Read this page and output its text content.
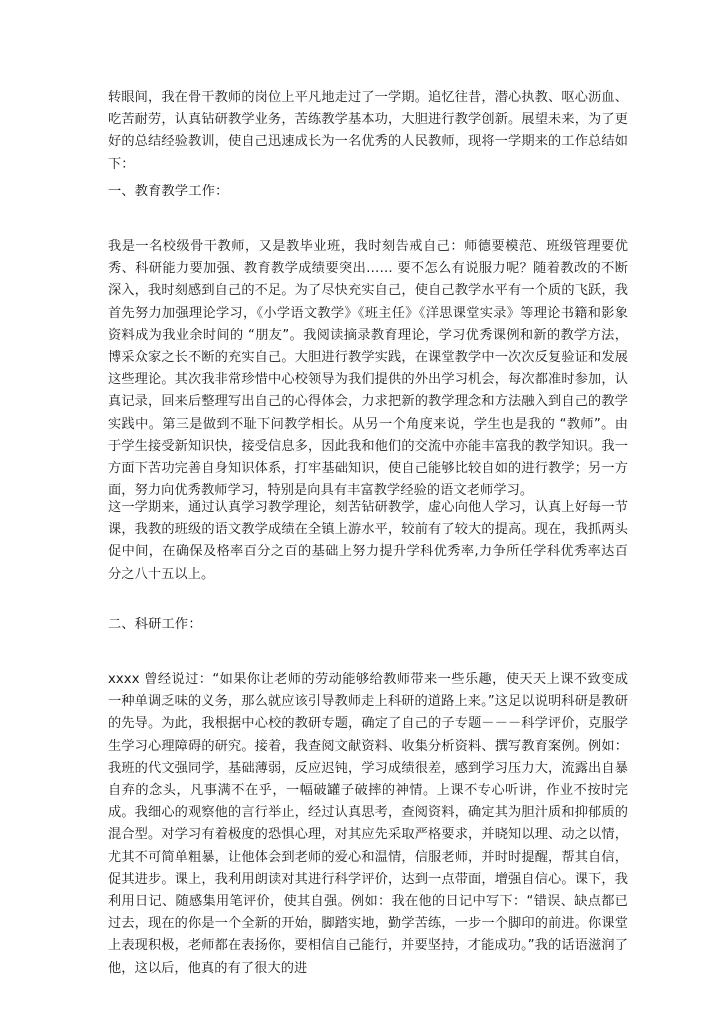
转眼间，我在骨干教师的岗位上平凡地走过了一学期。追忆往昔，潜心执教、呕心沥血、吃苦耐劳，认真钻研教学业务，苦练教学基本功，大胆进行教学创新。展望未来，为了更好的总结经验教训，使自己迅速成长为一名优秀的人民教师，现将一学期来的工作总结如下：
一、教育教学工作：
我是一名校级骨干教师，又是教毕业班，我时刻告戒自己：师德要模范、班级管理要优秀、科研能力要加强、教育教学成绩要突出…… 要不怎么有说服力呢？随着教改的不断深入，我时刻感到自己的不足。为了尽快充实自己，使自己教学水平有一个质的飞跃，我首先努力加强理论学习，《小学语文教学》《班主任》《洋思课堂实录》等理论书籍和影象资料成为我业余时间的 “朋友”。我阅读摘录教育理论，学习优秀课例和新的教学方法，博采众家之长不断的充实自己。大胆进行教学实践，在课堂教学中一次次反复验证和发展这些理论。其次我非常珍惜中心校领导为我们提供的外出学习机会，每次都准时参加，认真记录，回来后整理写出自己的心得体会，力求把新的教学理念和方法融入到自己的教学实践中。第三是做到不耻下问教学相长。从另一个角度来说，学生也是我的 “教师”。由于学生接受新知识快，接受信息多，因此我和他们的交流中亦能丰富我的教学知识。我一方面下苦功完善自身知识体系，打牢基础知识，使自己能够比较自如的进行教学；另一方面，努力向优秀教师学习，特别是向具有丰富教学经验的语文老师学习。
这一学期来，通过认真学习教学理论，刻苦钻研教学，虚心向他人学习，认真上好每一节课，我教的班级的语文教学成绩在全镇上游水平，较前有了较大的提高。现在，我抓两头促中间，在确保及格率百分之百的基础上努力提升学科优秀率,力争所任学科优秀率达百分之八十五以上。
二、科研工作：
xxxx 曾经说过：“如果你让老师的劳动能够给教师带来一些乐趣，使天天上课不致变成一种单调乏味的义务，那么就应该引导教师走上科研的道路上来。”这足以说明科研是教研的先导。为此，我根据中心校的教研专题，确定了自己的子专题－－－科学评价，克服学生学习心理障碍的研究。接着，我查阅文献资料、收集分析资料、撰写教育案例。例如：我班的代文强同学，基础薄弱，反应迟钝，学习成绩很差，感到学习压力大，流露出自暴自弃的念头，凡事满不在乎，一幅破罐子破摔的神情。上课不专心听讲，作业不按时完成。我细心的观察他的言行举止，经过认真思考，查阅资料，确定其为胆汁质和抑郁质的混合型。对学习有着极度的恐惧心理，对其应先采取严格要求，并晓知以理、动之以情，尤其不可简单粗暴，让他体会到老师的爱心和温情，信服老师，并时时提醒，帮其自信，促其进步。课上，我利用朗读对其进行科学评价，达到一点带面，增强自信心。课下，我利用日记、随感集用笔评价，使其自强。例如：我在他的日记中写下：“错误、缺点都已过去，现在的你是一个全新的开始，脚踏实地，勤学苦练，一步一个脚印的前进。你课堂上表现积极，老师都在表扬你，要相信自己能行，并要坚持，才能成功。”我的话语滋润了他，这以后，他真的有了很大的进
